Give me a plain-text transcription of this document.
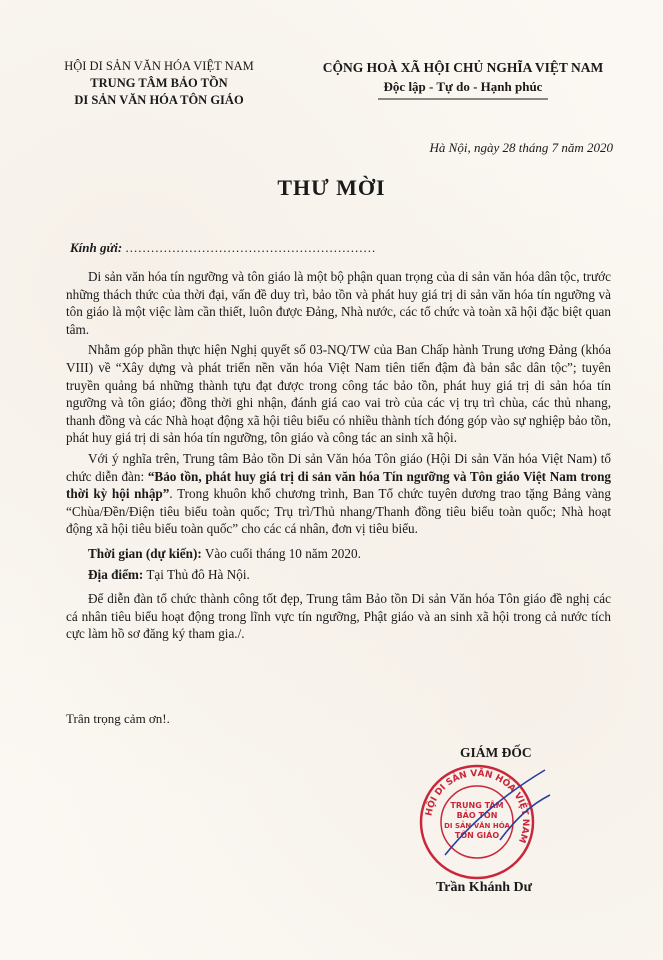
HỘI DI SẢN VĂN HÓA VIỆT NAM
TRUNG TÂM BẢO TỒN
DI SẢN VĂN HÓA TÔN GIÁO
CỘNG HOÀ XÃ HỘI CHỦ NGHĨA VIỆT NAM
Độc lập - Tự do - Hạnh phúc
Hà Nội, ngày 28 tháng 7 năm 2020
THƯ MỜI
Kính gửi: ...........................................................

Di sản văn hóa tín ngưỡng và tôn giáo là một bộ phận quan trọng của di sản văn hóa dân tộc, trước những thách thức của thời đại, vấn đề duy trì, bảo tồn và phát huy giá trị di sản văn hóa tín ngưỡng và tôn giáo là một việc làm cần thiết, luôn được Đảng, Nhà nước, các tổ chức và toàn xã hội đặc biệt quan tâm.

Nhằm góp phần thực hiện Nghị quyết số 03-NQ/TW của Ban Chấp hành Trung ương Đảng (khóa VIII) về “Xây dựng và phát triển nền văn hóa Việt Nam tiên tiến đậm đà bản sắc dân tộc”; tuyên truyền quảng bá những thành tựu đạt được trong công tác bảo tồn, phát huy giá trị di sản hóa tín ngưỡng và tôn giáo; đồng thời ghi nhận, đánh giá cao vai trò của các vị trụ trì chùa, các thủ nhang, thanh đồng và các Nhà hoạt động xã hội tiêu biểu có nhiều thành tích đóng góp vào sự nghiệp bảo tồn, phát huy giá trị di sản hóa tín ngưỡng, tôn giáo và công tác an sinh xã hội.

Với ý nghĩa trên, Trung tâm Bảo tồn Di sản Văn hóa Tôn giáo (Hội Di sản Văn hóa Việt Nam) tổ chức diễn đàn: “Bảo tồn, phát huy giá trị di sản văn hóa Tín ngưỡng và Tôn giáo Việt Nam trong thời kỳ hội nhập”. Trong khuôn khổ chương trình, Ban Tổ chức tuyên dương trao tặng Bảng vàng “Chùa/Đền/Điện tiêu biểu toàn quốc; Trụ trì/Thủ nhang/Thanh đồng tiêu biểu toàn quốc; Nhà hoạt động xã hội tiêu biểu toàn quốc” cho các cá nhân, đơn vị tiêu biểu.

Thời gian (dự kiến): Vào cuối tháng 10 năm 2020.

Địa điểm: Tại Thủ đô Hà Nội.

Để diễn đàn tổ chức thành công tốt đẹp, Trung tâm Bảo tồn Di sản Văn hóa Tôn giáo đề nghị các cá nhân tiêu biểu hoạt động trong lĩnh vực tín ngưỡng, Phật giáo và an sinh xã hội trong cả nước tích cực làm hồ sơ đăng ký tham gia./.

Trân trọng cảm ơn!.
GIÁM ĐỐC
HỘI DI SẢN VĂN HÓA VIỆT NAM
TRUNG TÂM
BẢO TỒN
DI SẢN VĂN HÓA
TÔN GIÁO
Trần Khánh Dư
